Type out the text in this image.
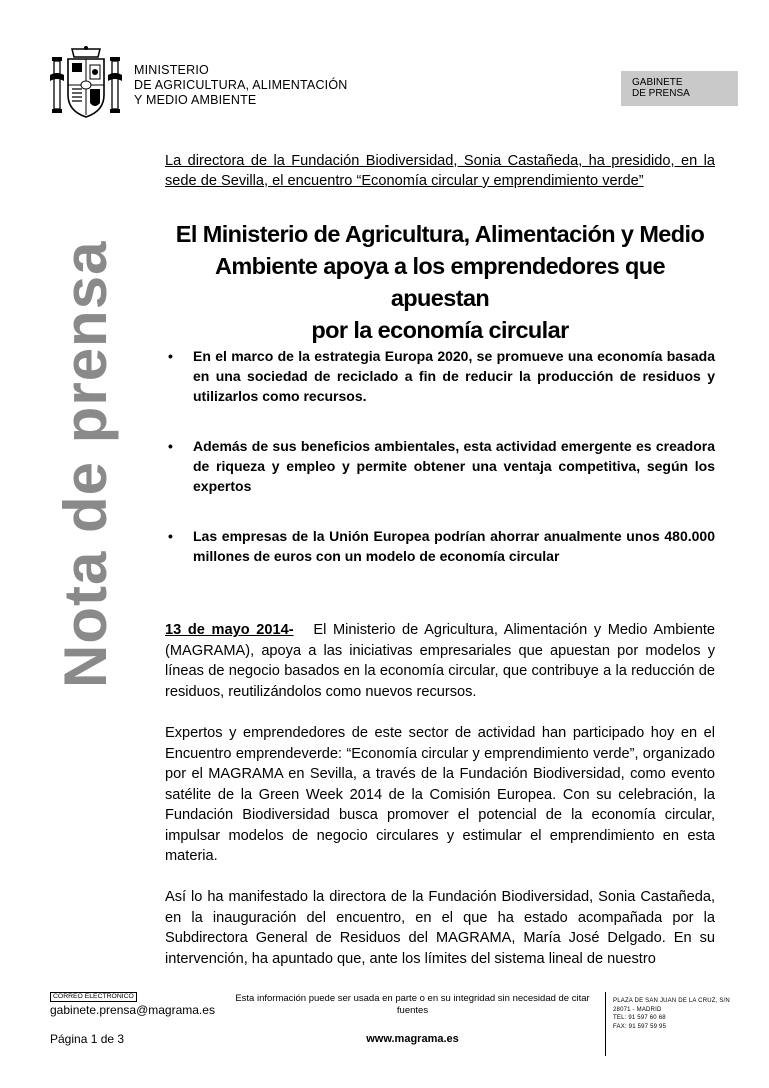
MINISTERIO
DE AGRICULTURA, ALIMENTACIÓN
Y MEDIO AMBIENTE
GABINETE
DE PRENSA
Nota de prensa
La directora de la Fundación Biodiversidad, Sonia Castañeda, ha presidido, en la sede de Sevilla, el encuentro “Economía circular y emprendimiento verde”
El Ministerio de Agricultura, Alimentación y Medio
Ambiente apoya a los emprendedores que apuestan
por la economía circular
• En el marco de la estrategia Europa 2020, se promueve una economía basada en una sociedad de reciclado a fin de reducir la producción de residuos y utilizarlos como recursos.
• Además de sus beneficios ambientales, esta actividad emergente es creadora de riqueza y empleo y permite obtener una ventaja competitiva, según los expertos
• Las empresas de la Unión Europea podrían ahorrar anualmente unos 480.000 millones de euros con un modelo de economía circular
13 de mayo 2014- El Ministerio de Agricultura, Alimentación y Medio Ambiente (MAGRAMA), apoya a las iniciativas empresariales que apuestan por modelos y líneas de negocio basados en la economía circular, que contribuye a la reducción de residuos, reutilizándolos como nuevos recursos.
Expertos y emprendedores de este sector de actividad han participado hoy en el Encuentro emprendeverde: “Economía circular y emprendimiento verde”, organizado por el MAGRAMA en Sevilla, a través de la Fundación Biodiversidad, como evento satélite de la Green Week 2014 de la Comisión Europea. Con su celebración, la Fundación Biodiversidad busca promover el potencial de la economía circular, impulsar modelos de negocio circulares y estimular el emprendimiento en esta materia.
Así lo ha manifestado la directora de la Fundación Biodiversidad, Sonia Castañeda, en la inauguración del encuentro, en el que ha estado acompañada por la Subdirectora General de Residuos del MAGRAMA, María José Delgado. En su intervención, ha apuntado que, ante los límites del sistema lineal de nuestro
CORREO ELECTRÓNICO
gabinete.prensa@magrama.es
Esta información puede ser usada en parte o en su integridad sin necesidad de citar fuentes
PLAZA DE SAN JUAN DE LA CRUZ, S/N
28071 - MADRID
TEL: 91 597 60 68
FAX: 91 597 59 95
Página 1 de 3	www.magrama.es
